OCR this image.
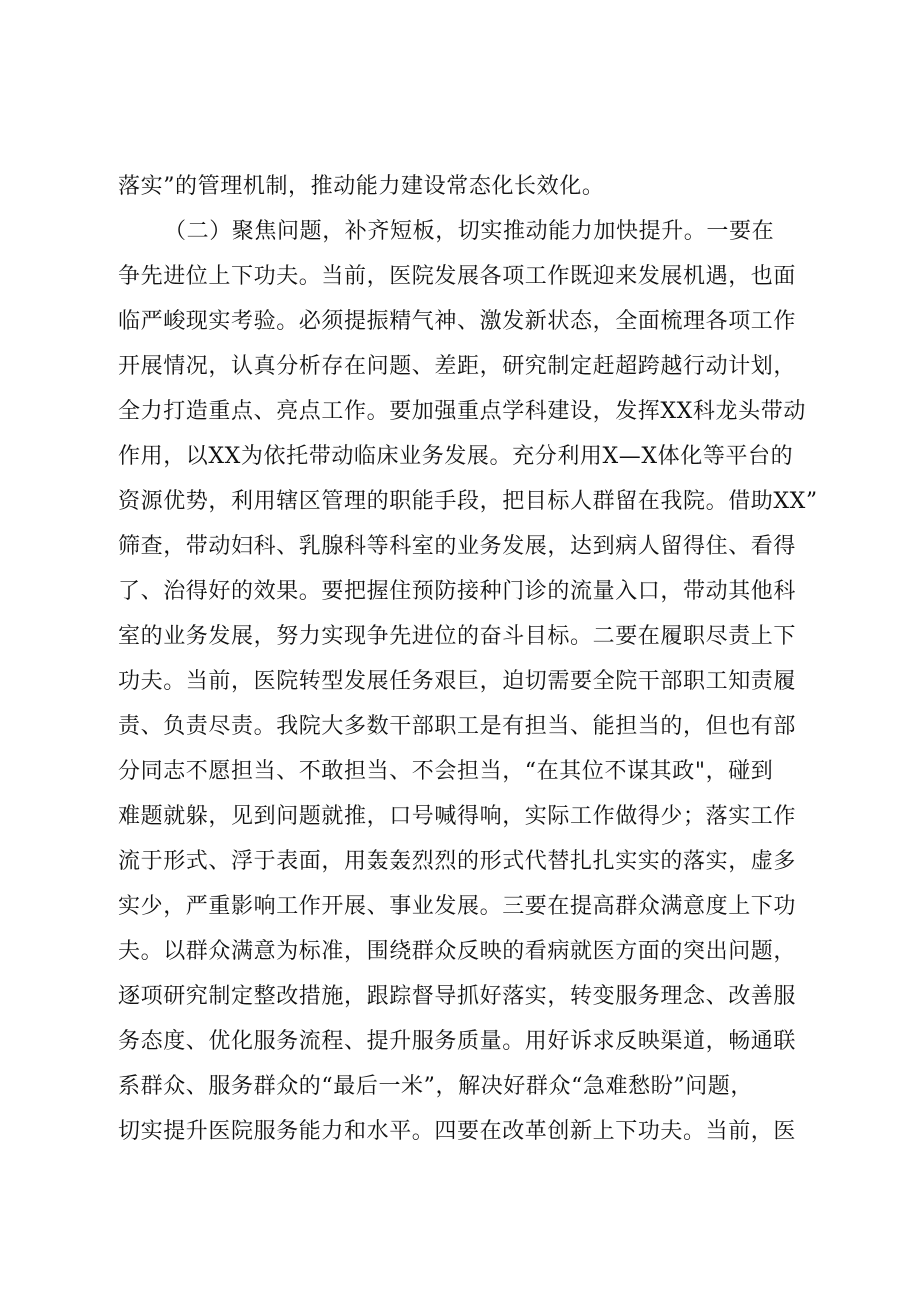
落实”的管理机制，推动能力建设常态化长效化。
（二）聚焦问题，补齐短板，切实推动能力加快提升。一要在
争先进位上下功夫。当前，医院发展各项工作既迎来发展机遇，也面
临严峻现实考验。必须提振精气神、激发新状态，全面梳理各项工作
开展情况，认真分析存在问题、差距，研究制定赶超跨越行动计划，
全力打造重点、亮点工作。要加强重点学科建设，发挥XX科龙头带动
作用，以XX为依托带动临床业务发展。充分利用X—X体化等平台的
资源优势，利用辖区管理的职能手段，把目标人群留在我院。借助XX”
筛查，带动妇科、乳腺科等科室的业务发展，达到病人留得住、看得
了、治得好的效果。要把握住预防接种门诊的流量入口，带动其他科
室的业务发展，努力实现争先进位的奋斗目标。二要在履职尽责上下
功夫。当前，医院转型发展任务艰巨，迫切需要全院干部职工知责履
责、负责尽责。我院大多数干部职工是有担当、能担当的，但也有部
分同志不愿担当、不敢担当、不会担当，“在其位不谋其政"，碰到
难题就躲，见到问题就推，口号喊得响，实际工作做得少；落实工作
流于形式、浮于表面，用轰轰烈烈的形式代替扎扎实实的落实，虚多
实少，严重影响工作开展、事业发展。三要在提高群众满意度上下功
夫。以群众满意为标准，围绕群众反映的看病就医方面的突出问题，
逐项研究制定整改措施，跟踪督导抓好落实，转变服务理念、改善服
务态度、优化服务流程、提升服务质量。用好诉求反映渠道，畅通联
系群众、服务群众的“最后一米”，解决好群众“急难愁盼”问题，
切实提升医院服务能力和水平。四要在改革创新上下功夫。当前，医
